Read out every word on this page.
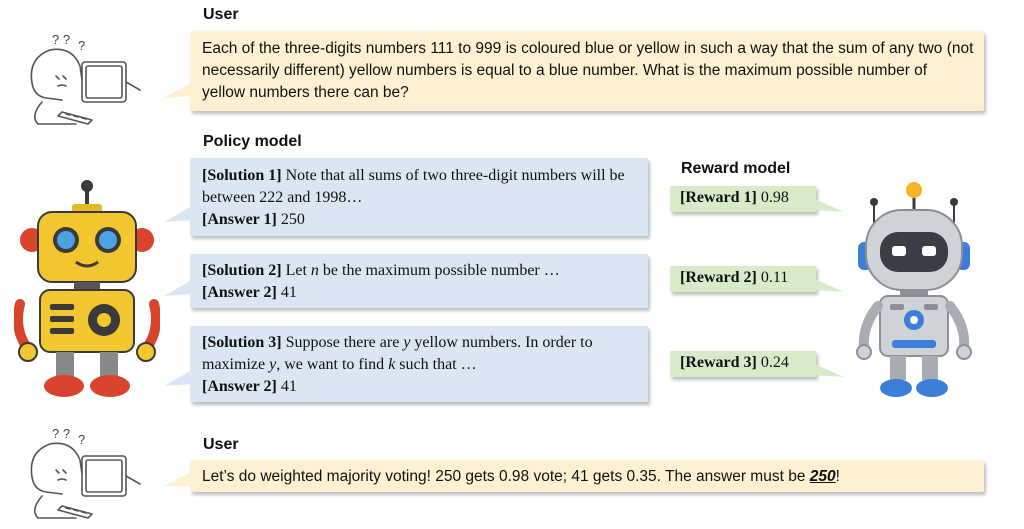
? ? ?
User
Each of the three-digits numbers 111 to 999 is coloured blue or yellow in such a way that the sum of any two (not necessarily different) yellow numbers is equal to a blue number. What is the maximum possible number of yellow numbers there can be?
Policy model
[Solution 1] Note that all sums of two three-digit numbers will be between 222 and 1998…
[Answer 1] 250
[Solution 2] Let n be the maximum possible number …
[Answer 2] 41
[Solution 3] Suppose there are y yellow numbers. In order to maximize y, we want to find k such that …
[Answer 2] 41
Reward model
[Reward 1] 0.98
[Reward 2] 0.11
[Reward 3] 0.24
? ? ?	User
Let’s do weighted majority voting! 250 gets 0.98 vote; 41 gets 0.35. The answer must be 250!
